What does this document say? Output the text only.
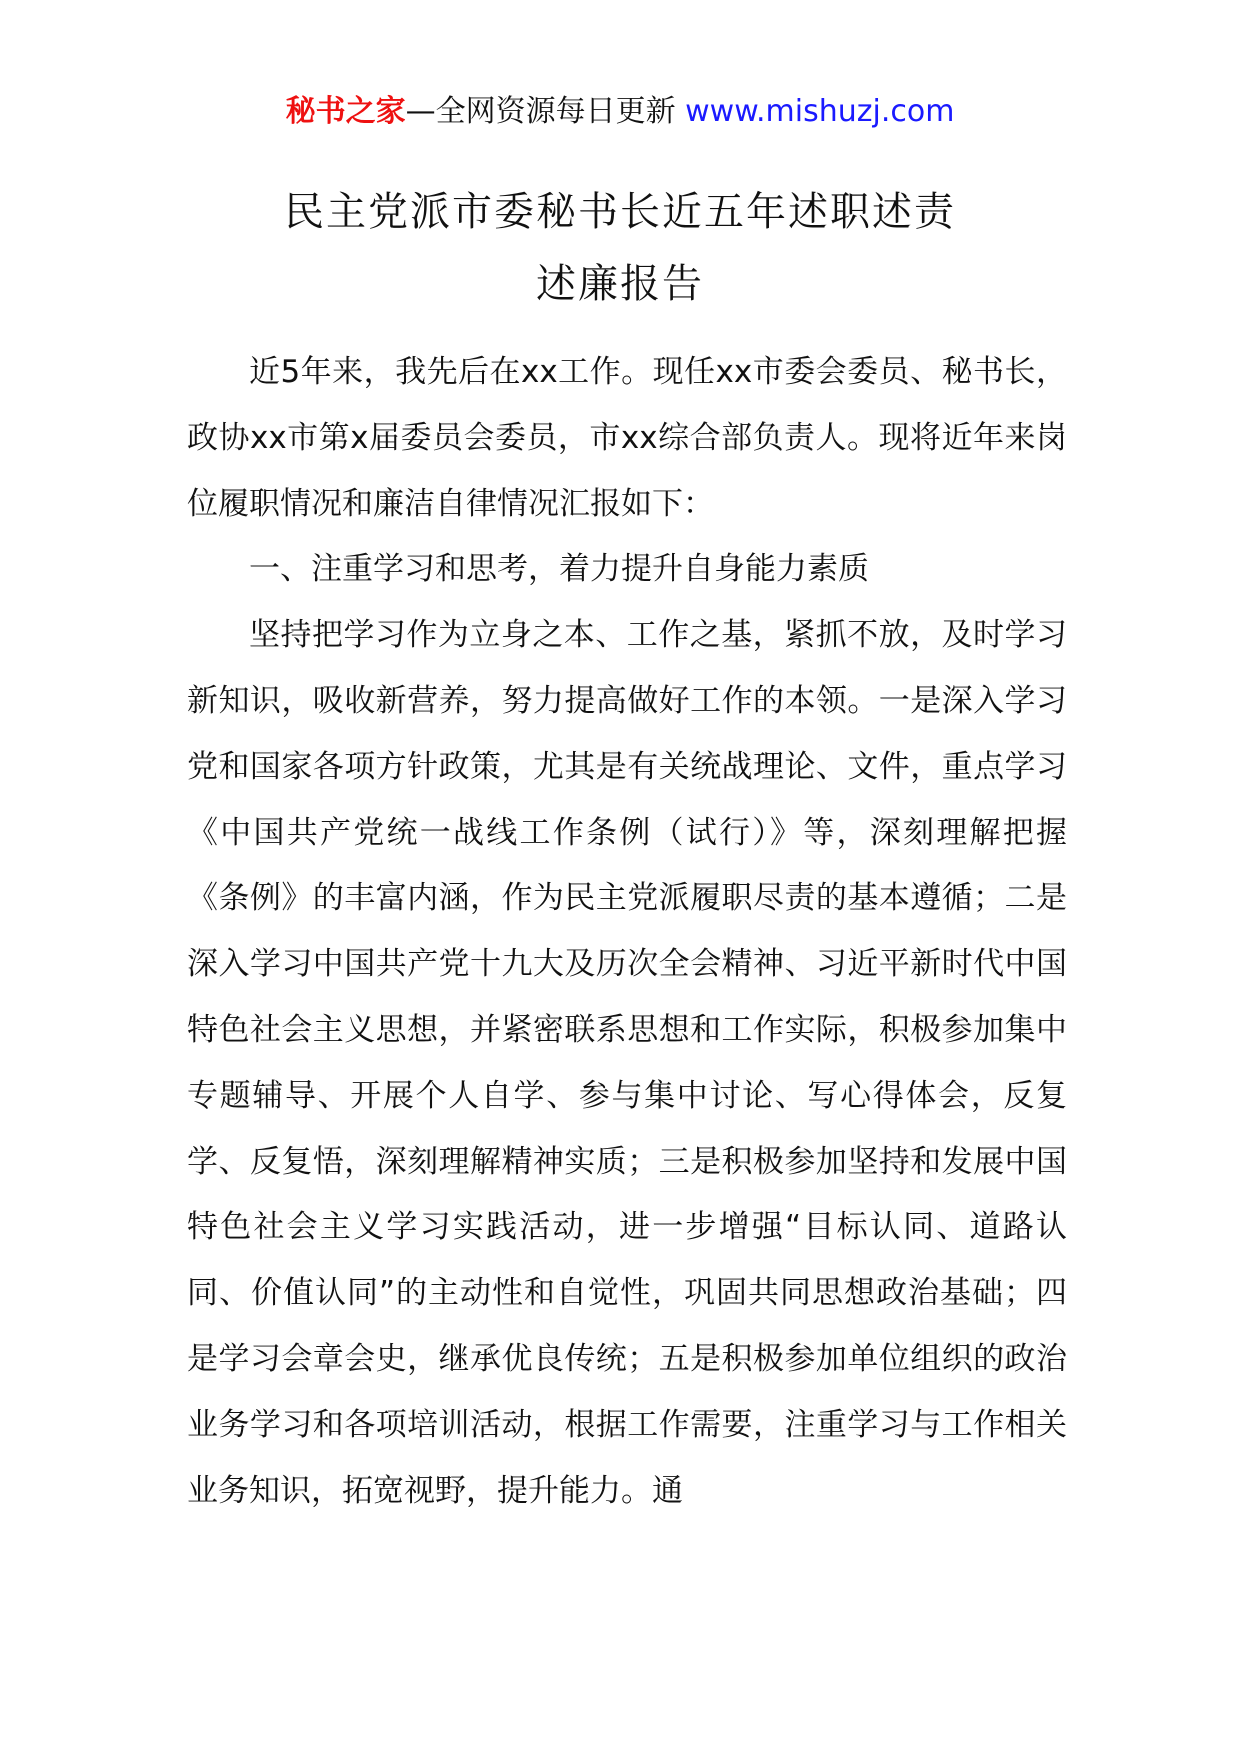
秘书之家—全网资源每日更新 www.mishuzj.com
民主党派市委秘书长近五年述职述责
述廉报告

近5年来，我先后在xx工作。现任xx市委会委员、秘书长，政协xx市第x届委员会委员，市xx综合部负责人。现将近年来岗位履职情况和廉洁自律情况汇报如下：

一、注重学习和思考，着力提升自身能力素质

坚持把学习作为立身之本、工作之基，紧抓不放，及时学习新知识，吸收新营养，努力提高做好工作的本领。一是深入学习党和国家各项方针政策，尤其是有关统战理论、文件，重点学习《中国共产党统一战线工作条例（试行）》等，深刻理解把握《条例》的丰富内涵，作为民主党派履职尽责的基本遵循；二是深入学习中国共产党十九大及历次全会精神、习近平新时代中国特色社会主义思想，并紧密联系思想和工作实际，积极参加集中专题辅导、开展个人自学、参与集中讨论、写心得体会，反复学、反复悟，深刻理解精神实质；三是积极参加坚持和发展中国特色社会主义学习实践活动，进一步增强“目标认同、道路认同、价值认同”的主动性和自觉性，巩固共同思想政治基础；四是学习会章会史，继承优良传统；五是积极参加单位组织的政治业务学习和各项培训活动，根据工作需要，注重学习与工作相关业务知识，拓宽视野，提升能力。通
